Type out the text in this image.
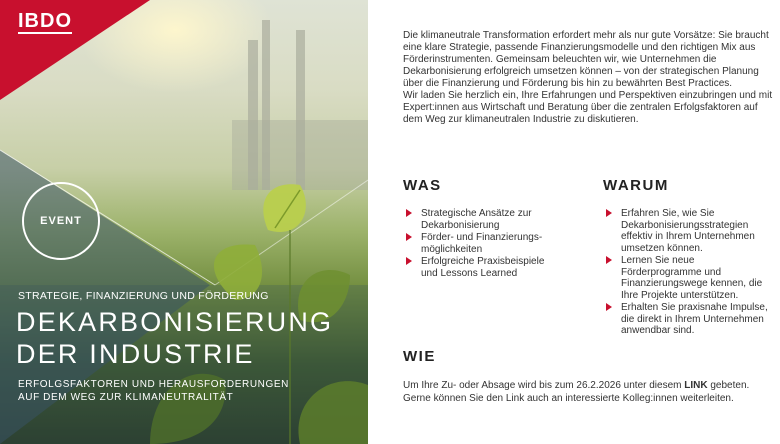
IBDO
EVENT
STRATEGIE, FINANZIERUNG UND FÖRDERUNG
DEKARBONISIERUNG
DER INDUSTRIE
ERFOLGSFAKTOREN UND HERAUSFORDERUNGEN
AUF DEM WEG ZUR KLIMANEUTRALITÄT

Die klimaneutrale Transformation erfordert mehr als nur gute Vorsätze: Sie braucht eine klare Strategie, passende Finanzierungsmodelle und den richtigen Mix aus Förderinstrumenten. Gemeinsam beleuchten wir, wie Unternehmen die Dekarbonisierung erfolgreich umsetzen können – von der strategischen Planung über die Finanzierung und Förderung bis hin zu bewährten Best Practices.

Wir laden Sie herzlich ein, Ihre Erfahrungen und Perspektiven einzubringen und mit Expert:innen aus Wirtschaft und Beratung über die zentralen Erfolgsfaktoren auf dem Weg zur klimaneutralen Industrie zu diskutieren.

WAS
Strategische Ansätze zur Dekarbonisierung
Förder- und Finanzierungsmöglichkeiten
Erfolgreiche Praxisbeispiele und Lessons Learned
WARUM
Erfahren Sie, wie Sie Dekarbonisierungsstrategien effektiv in Ihrem Unternehmen umsetzen können.
Lernen Sie neue Förderprogramme und Finanzierungswege kennen, die Ihre Projekte unterstützen.
Erhalten Sie praxisnahe Impulse, die direkt in Ihrem Unternehmen anwendbar sind.
WIE

Um Ihre Zu- oder Absage wird bis zum 26.2.2026 unter diesem LINK gebeten.

Gerne können Sie den Link auch an interessierte Kolleg:innen weiterleiten.
